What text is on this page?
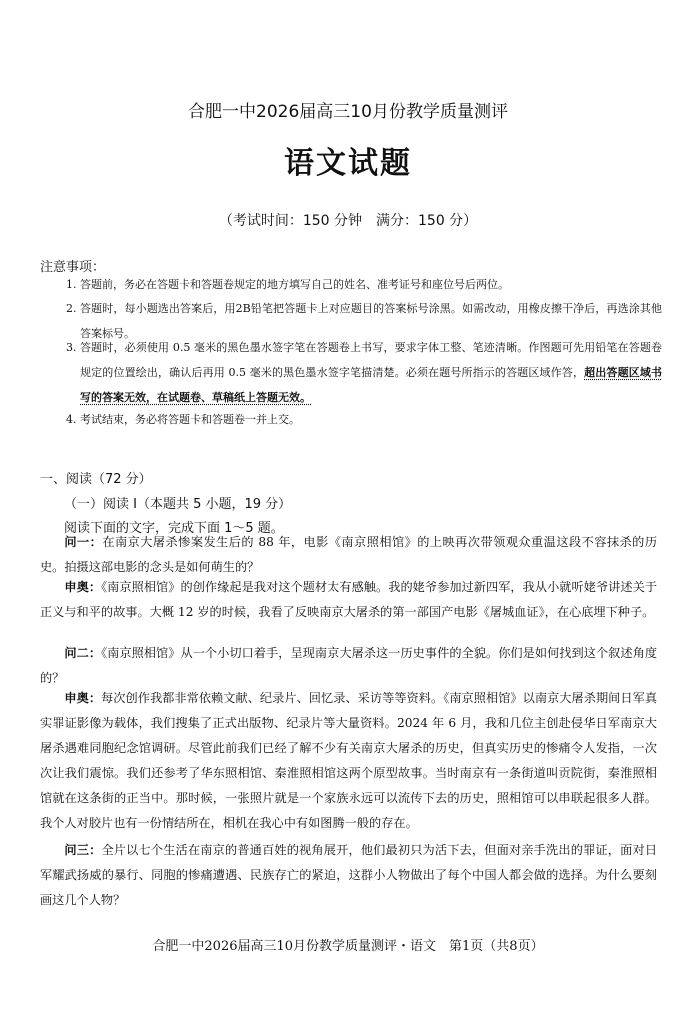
合肥一中2026届高三10月份教学质量测评
语文试题
（考试时间：150 分钟　满分：150 分）
注意事项：
1. 答题前，务必在答题卡和答题卷规定的地方填写自己的姓名、准考证号和座位号后两位。
2. 答题时，每小题选出答案后，用2B铅笔把答题卡上对应题目的答案标号涂黑。如需改动，用橡皮擦干净后，再选涂其他答案标号。
3. 答题时，必须使用 0.5 毫米的黑色墨水签字笔在答题卷上书写，要求字体工整、笔迹清晰。作图题可先用铅笔在答题卷规定的位置绘出，确认后再用 0.5 毫米的黑色墨水签字笔描清楚。必须在题号所指示的答题区域作答，超出答题区域书写的答案无效，在试题卷、草稿纸上答题无效。
4. 考试结束，务必将答题卡和答题卷一并上交。
一、阅读（72 分）
（一）阅读 I（本题共 5 小题，19 分）
阅读下面的文字，完成下面 1～5 题。
问一：在南京大屠杀惨案发生后的 88 年，电影《南京照相馆》的上映再次带领观众重温这段不容抹杀的历史。拍摄这部电影的念头是如何萌生的？
申奥：《南京照相馆》的创作缘起是我对这个题材太有感触。我的姥爷参加过新四军，我从小就听姥爷讲述关于正义与和平的故事。大概 12 岁的时候，我看了反映南京大屠杀的第一部国产电影《屠城血证》，在心底埋下种子。
问二：《南京照相馆》从一个小切口着手，呈现南京大屠杀这一历史事件的全貌。你们是如何找到这个叙述角度的？
申奥：每次创作我都非常依赖文献、纪录片、回忆录、采访等等资料。《南京照相馆》以南京大屠杀期间日军真实罪证影像为载体，我们搜集了正式出版物、纪录片等大量资料。2024 年 6 月，我和几位主创赴侵华日军南京大屠杀遇难同胞纪念馆调研。尽管此前我们已经了解不少有关南京大屠杀的历史，但真实历史的惨痛令人发指，一次次让我们震惊。我们还参考了华东照相馆、秦淮照相馆这两个原型故事。当时南京有一条街道叫贡院街，秦淮照相馆就在这条街的正当中。那时候，一张照片就是一个家族永远可以流传下去的历史，照相馆可以串联起很多人群。我个人对胶片也有一份情结所在，相机在我心中有如图腾一般的存在。
问三：全片以七个生活在南京的普通百姓的视角展开，他们最初只为活下去，但面对亲手洗出的罪证，面对日军耀武扬威的暴行、同胞的惨痛遭遇、民族存亡的紧迫，这群小人物做出了每个中国人都会做的选择。为什么要刻画这几个人物？
合肥一中2026届高三10月份教学质量测评・语文　第1页（共8页）
